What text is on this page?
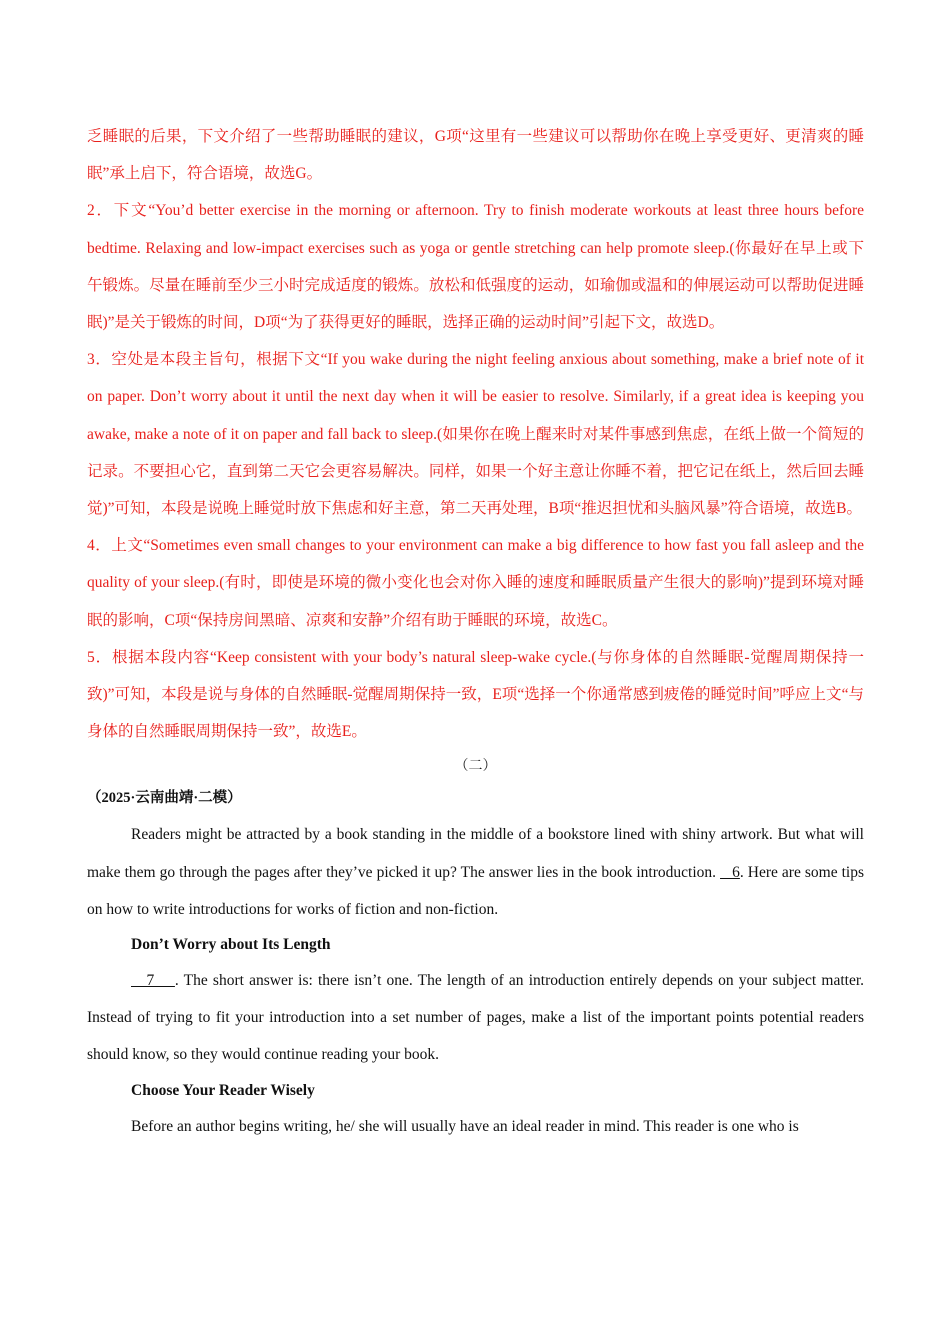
乏睡眠的后果，下文介绍了一些帮助睡眠的建议，G项“这里有一些建议可以帮助你在晚上享受更好、更清爽的睡眠”承上启下，符合语境，故选G。

2．下文“You’d better exercise in the morning or afternoon. Try to finish moderate workouts at least three hours before bedtime. Relaxing and low-impact exercises such as yoga or gentle stretching can help promote sleep.(你最好在早上或下午锻炼。尽量在睡前至少三小时完成适度的锻炼。放松和低强度的运动，如瑜伽或温和的伸展运动可以帮助促进睡眠)”是关于锻炼的时间，D项“为了获得更好的睡眠，选择正确的运动时间”引起下文，故选D。

3．空处是本段主旨句，根据下文“If you wake during the night feeling anxious about something, make a brief note of it on paper. Don’t worry about it until the next day when it will be easier to resolve. Similarly, if a great idea is keeping you awake, make a note of it on paper and fall back to sleep.(如果你在晚上醒来时对某件事感到焦虑，在纸上做一个简短的记录。不要担心它，直到第二天它会更容易解决。同样，如果一个好主意让你睡不着，把它记在纸上，然后回去睡觉)”可知，本段是说晚上睡觉时放下焦虑和好主意，第二天再处理，B项“推迟担忧和头脑风暴”符合语境，故选B。

4．上文“Sometimes even small changes to your environment can make a big difference to how fast you fall asleep and the quality of your sleep.(有时，即使是环境的微小变化也会对你入睡的速度和睡眠质量产生很大的影响)”提到环境对睡眠的影响，C项“保持房间黑暗、凉爽和安静”介绍有助于睡眠的环境，故选C。

5．根据本段内容“Keep consistent with your body’s natural sleep-wake cycle.(与你身体的自然睡眠-觉醒周期保持一致)”可知，本段是说与身体的自然睡眠-觉醒周期保持一致，E项“选择一个你通常感到疲倦的睡觉时间”呼应上文“与身体的自然睡眠周期保持一致”，故选E。

（二）

（2025·云南曲靖·二模）

Readers might be attracted by a book standing in the middle of a bookstore lined with shiny artwork. But what will make them go through the pages after they’ve picked it up? The answer lies in the book introduction.    6. Here are some tips on how to write introductions for works of fiction and non-fiction.

Don’t Worry about Its Length

7    . The short answer is: there isn’t one. The length of an introduction entirely depends on your subject matter. Instead of trying to fit your introduction into a set number of pages, make a list of the important points potential readers should know, so they would continue reading your book.

Choose Your Reader Wisely

Before an author begins writing, he/ she will usually have an ideal reader in mind. This reader is one who is
